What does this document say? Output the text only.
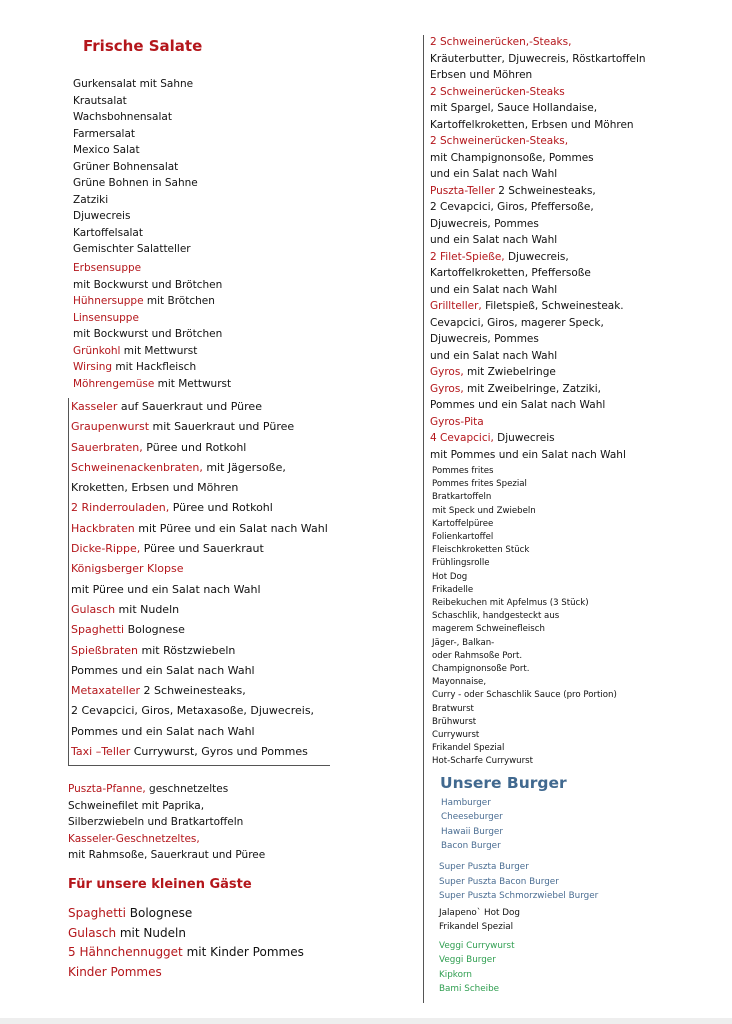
Frische Salate
Gurkensalat mit Sahne
Krautsalat
Wachsbohnensalat
Farmersalat
Mexico Salat
Grüner Bohnensalat
Grüne Bohnen in Sahne
Zatziki
Djuwecreis
Kartoffelsalat
Gemischter Salatteller
Erbsensuppe
mit Bockwurst und Brötchen
Hühnersuppe mit Brötchen
Linsensuppe
mit Bockwurst und Brötchen
Grünkohl mit Mettwurst
Wirsing mit Hackfleisch
Möhrengemüse mit Mettwurst
Kasseler auf Sauerkraut und Püree
Graupenwurst mit Sauerkraut und Püree
Sauerbraten, Püree und Rotkohl
Schweinenackenbraten, mit Jägersoße,
Kroketten, Erbsen und Möhren
2 Rinderrouladen, Püree und Rotkohl
Hackbraten mit Püree und ein Salat nach Wahl
Dicke-Rippe, Püree und Sauerkraut
Königsberger Klopse
mit Püree und ein Salat nach Wahl
Gulasch mit Nudeln
Spaghetti Bolognese
Spießbraten mit Röstzwiebeln
Pommes und ein Salat nach Wahl
Metaxateller 2 Schweinesteaks,
2 Cevapcici, Giros, Metaxasoße, Djuwecreis,
Pommes und ein Salat nach Wahl
Taxi –Teller Currywurst, Gyros und Pommes
Puszta-Pfanne, geschnetzeltes
Schweinefilet mit Paprika,
Silberzwiebeln und Bratkartoffeln
Kasseler-Geschnetzeltes,
mit Rahmsoße, Sauerkraut und Püree
Für unsere kleinen Gäste
Spaghetti Bolognese
Gulasch mit Nudeln
5 Hähnchennugget mit Kinder Pommes
Kinder Pommes
2 Schweinerücken,-Steaks,
Kräuterbutter, Djuwecreis, Röstkartoffeln
Erbsen und Möhren
2 Schweinerücken-Steaks
mit Spargel, Sauce Hollandaise,
Kartoffelkroketten, Erbsen und Möhren
2 Schweinerücken-Steaks,
mit Champignonsoße, Pommes
und ein Salat nach Wahl
Puszta-Teller 2 Schweinesteaks,
2 Cevapcici, Giros, Pfeffersoße,
Djuwecreis, Pommes
und ein Salat nach Wahl
2 Filet-Spieße, Djuwecreis,
Kartoffelkroketten, Pfeffersoße
und ein Salat nach Wahl
Grillteller, Filetspieß, Schweinesteak.
Cevapcici, Giros, magerer Speck,
Djuwecreis, Pommes
und ein Salat nach Wahl
Gyros, mit Zwiebelringe
Gyros, mit Zweibelringe, Zatziki,
Pommes und ein Salat nach Wahl
Gyros-Pita
4 Cevapcici, Djuwecreis
mit Pommes und ein Salat nach Wahl
Pommes frites
Pommes frites Spezial
Bratkartoffeln
mit Speck und Zwiebeln
Kartoffelpüree
Folienkartoffel
Fleischkroketten Stück
Frühlingsrolle
Hot Dog
Frikadelle
Reibekuchen mit Apfelmus (3 Stück)
Schaschlik, handgesteckt aus
magerem Schweinefleisch
Jäger-, Balkan-
oder Rahmsoße Port.
Champignonsoße Port.
Mayonnaise,
Curry - oder Schaschlik Sauce (pro Portion)
Bratwurst
Brühwurst
Currywurst
Frikandel Spezial
Hot-Scharfe Currywurst
Unsere Burger
Hamburger
Cheeseburger
Hawaii Burger
Bacon Burger
Super Puszta Burger
Super Puszta Bacon Burger
Super Puszta Schmorzwiebel Burger
Jalapeno` Hot Dog
Frikandel Spezial
Veggi Currywurst
Veggi Burger
Kipkorn
Bami Scheibe
